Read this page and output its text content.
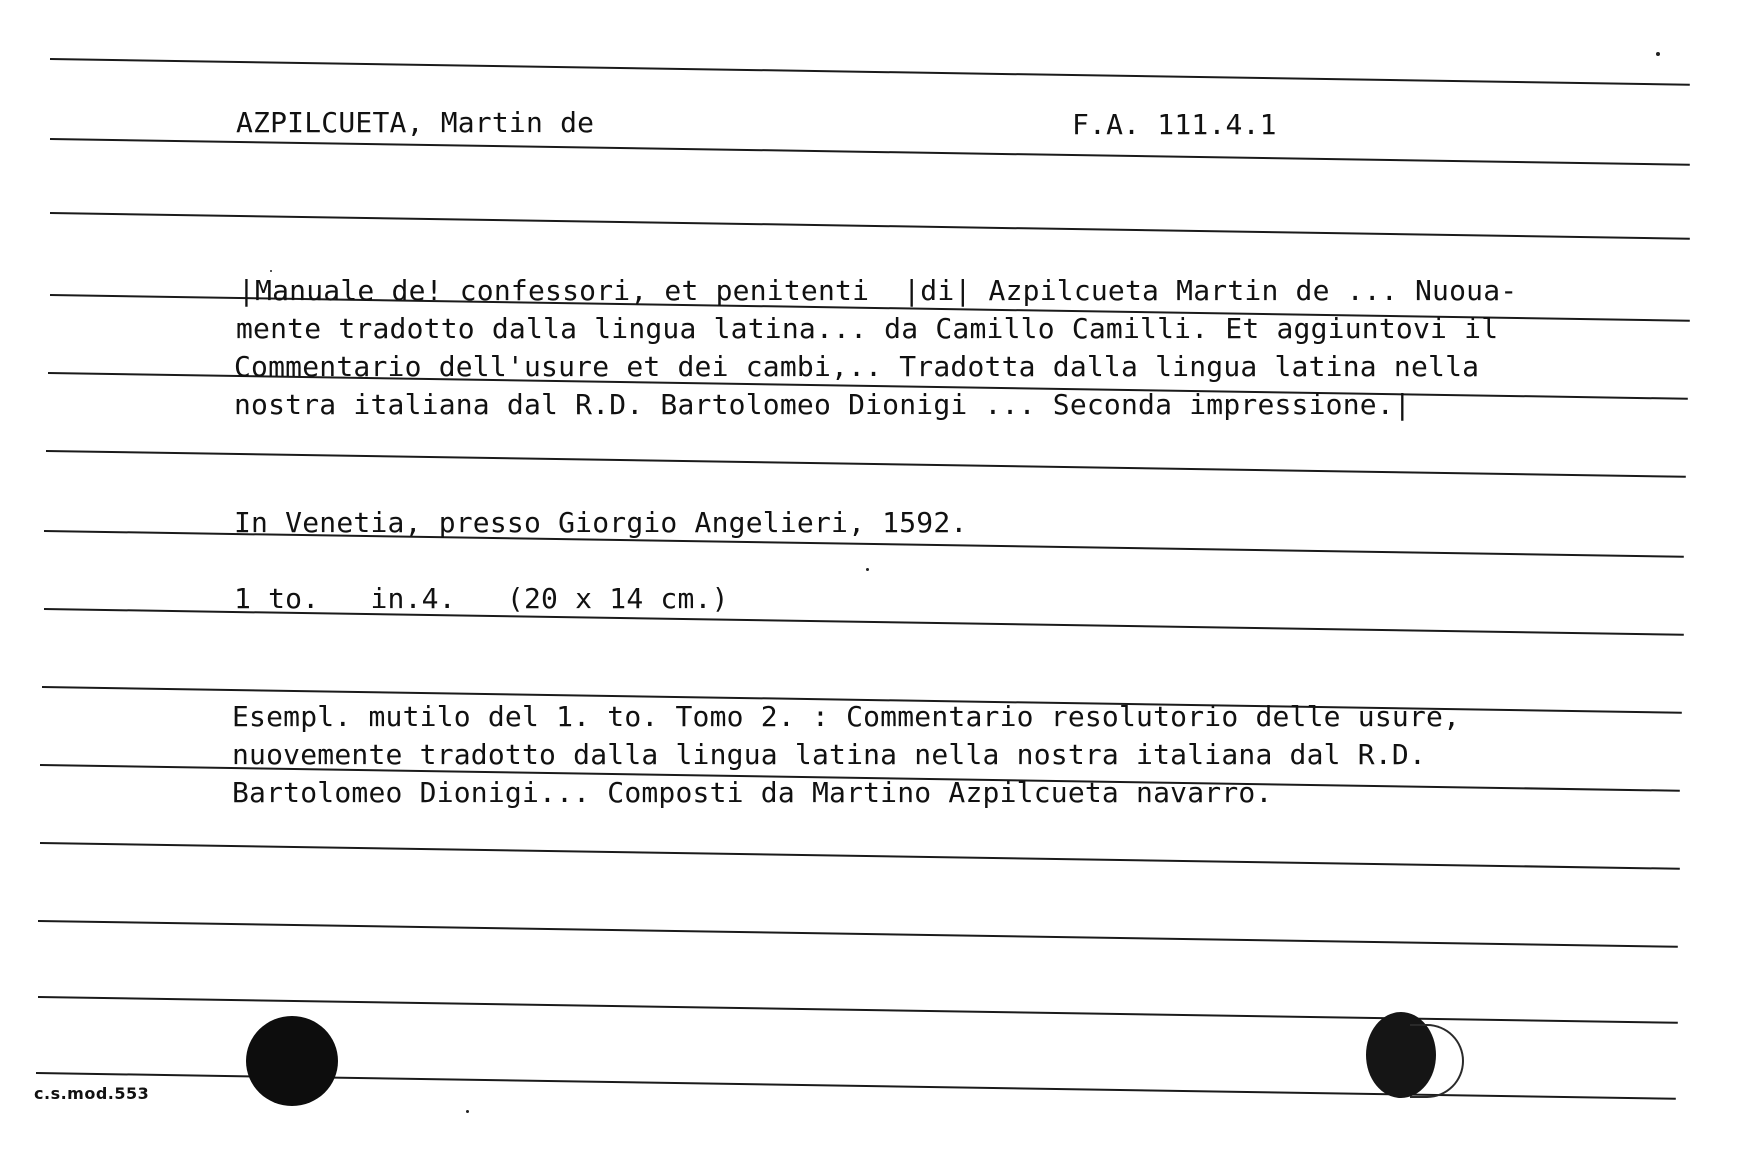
AZPILCUETA, Martin de	F.A. 111.4.1
|Manuale de! confessori, et penitenti  |di| Azpilcueta Martin de ... Nuoua-
mente tradotto dalla lingua latina... da Camillo Camilli. Et aggiuntovi il
Commentario dell'usure et dei cambi,.. Tradotta dalla lingua latina nella
nostra italiana dal R.D. Bartolomeo Dionigi ... Seconda impressione.|
In Venetia, presso Giorgio Angelieri, 1592.
1 to.   in.4.   (20 x 14 cm.)
Esempl. mutilo del 1. to. Tomo 2. : Commentario resolutorio delle usure,
nuovemente tradotto dalla lingua latina nella nostra italiana dal R.D.
Bartolomeo Dionigi... Composti da Martino Azpilcueta navarro.
c.s.mod.553
